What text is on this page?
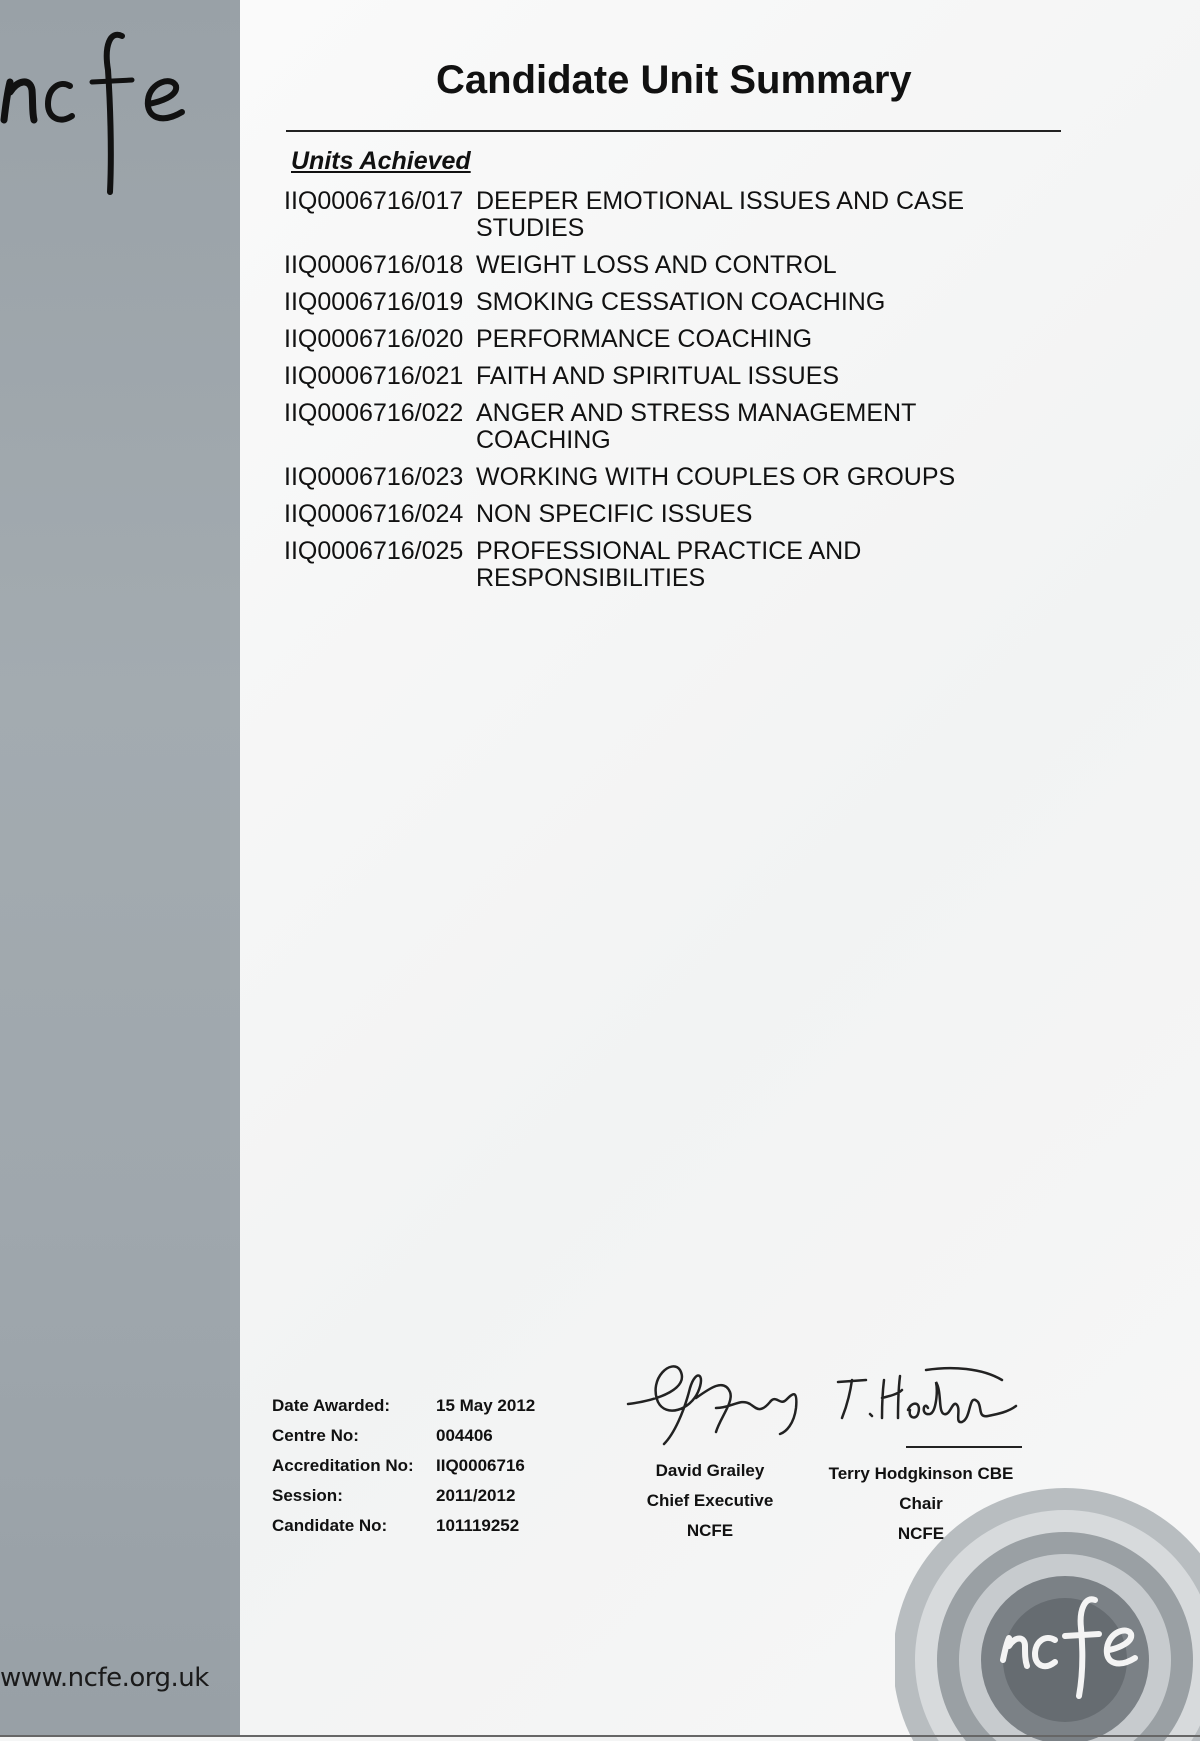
www.ncfe.org.uk
Candidate Unit Summary
Units Achieved
IIQ0006716/017 DEEPER EMOTIONAL ISSUES AND CASE STUDIES
IIQ0006716/018 WEIGHT LOSS AND CONTROL
IIQ0006716/019 SMOKING CESSATION COACHING
IIQ0006716/020 PERFORMANCE COACHING
IIQ0006716/021 FAITH AND SPIRITUAL ISSUES
IIQ0006716/022 ANGER AND STRESS MANAGEMENT COACHING
IIQ0006716/023 WORKING WITH COUPLES OR GROUPS
IIQ0006716/024 NON SPECIFIC ISSUES
IIQ0006716/025 PROFESSIONAL PRACTICE AND RESPONSIBILITIES
Date Awarded:	15 May 2012
Centre No:	004406
Accreditation No:	IIQ0006716
Session:	2011/2012
Candidate No:	101119252
David Grailey
Chief Executive
NCFE
Terry Hodgkinson CBE
Chair
NCFE
